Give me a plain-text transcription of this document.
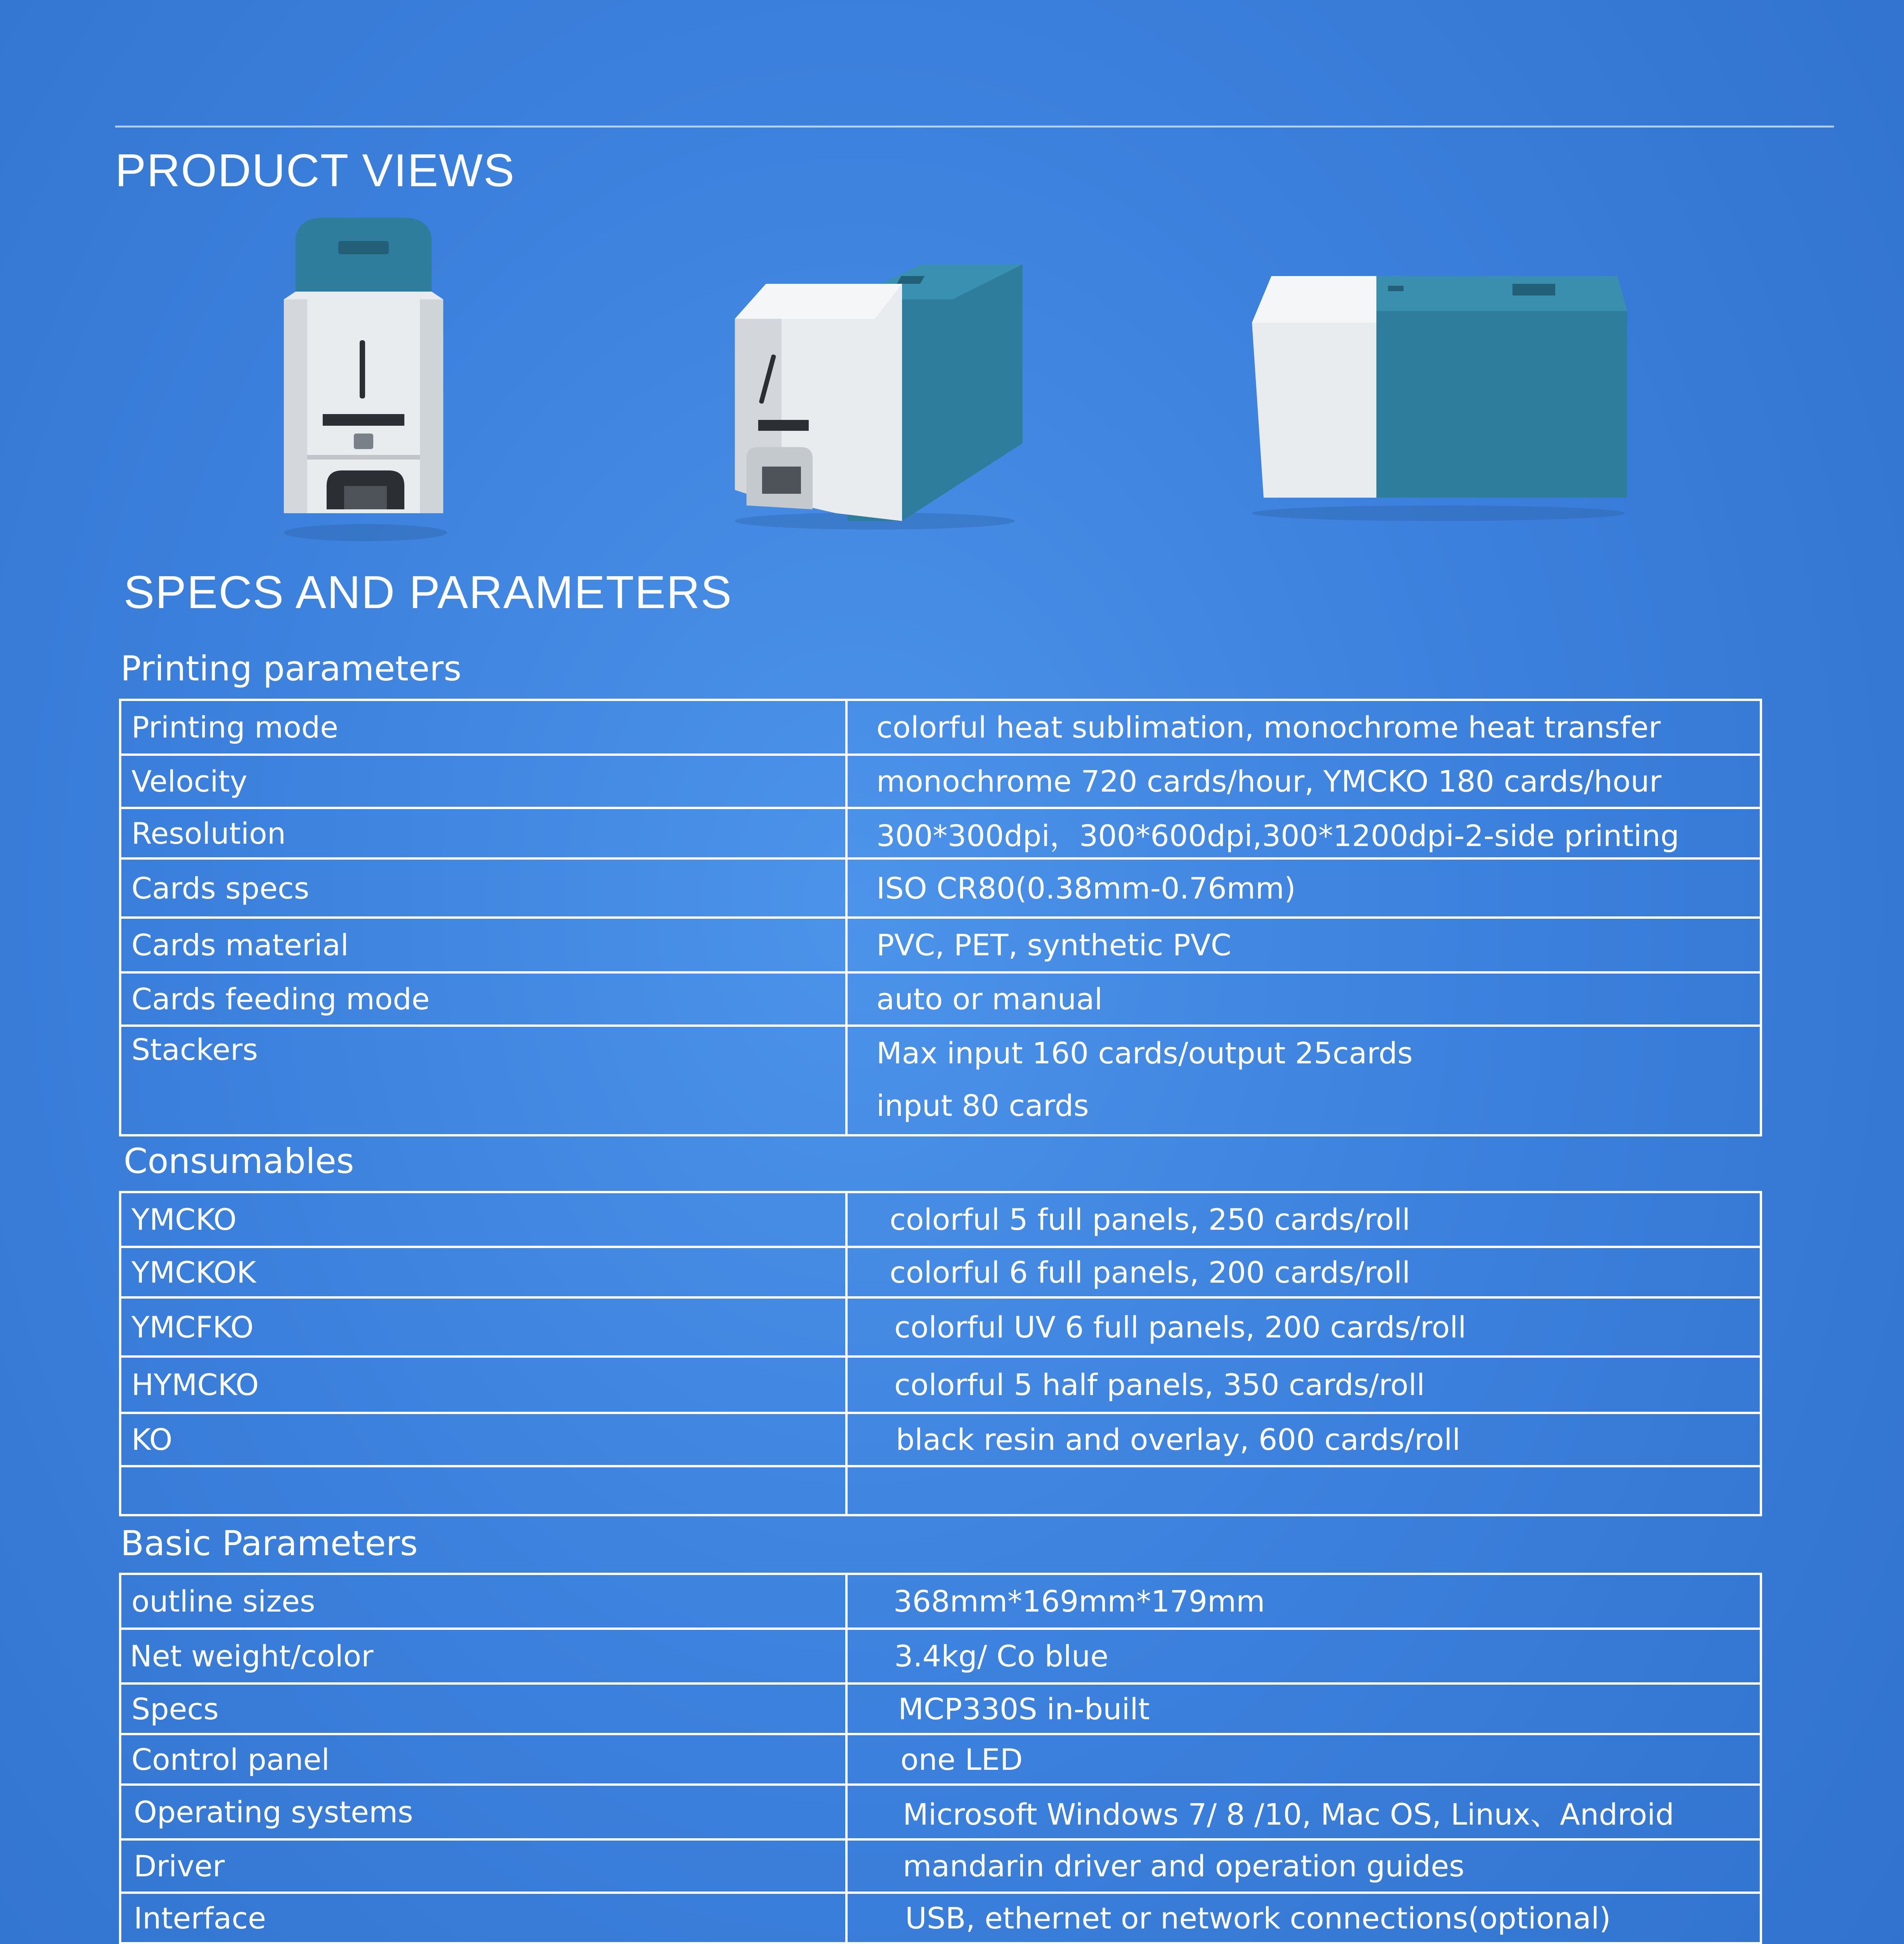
PRODUCT VIEWS
SPECS AND PARAMETERS
Printing parameters
Printing mode	colorful heat sublimation, monochrome heat transfer
Velocity	monochrome 720 cards/hour, YMCKO 180 cards/hour
Resolution	300*300dpi，300*600dpi,300*1200dpi-2-side printing
Cards specs	ISO CR80(0.38mm-0.76mm)
Cards material	PVC, PET, synthetic PVC
Cards feeding mode	auto or manual
Stackers	Max input 160 cards/output 25cards
input 80 cards
Consumables
YMCKO	colorful 5 full panels, 250 cards/roll
YMCKOK	colorful 6 full panels, 200 cards/roll
YMCFKO	colorful UV 6 full panels, 200 cards/roll
HYMCKO	colorful 5 half panels, 350 cards/roll
KO	black resin and overlay, 600 cards/roll

Basic Parameters
outline sizes	368mm*169mm*179mm
Net weight/color	3.4kg/ Co blue
Specs	MCP330S in-built
Control panel	one LED
Operating systems	Microsoft Windows 7/ 8 /10, Mac OS, Linux、Android
Driver	mandarin driver and operation guides
Interface	USB, ethernet or network connections(optional)
